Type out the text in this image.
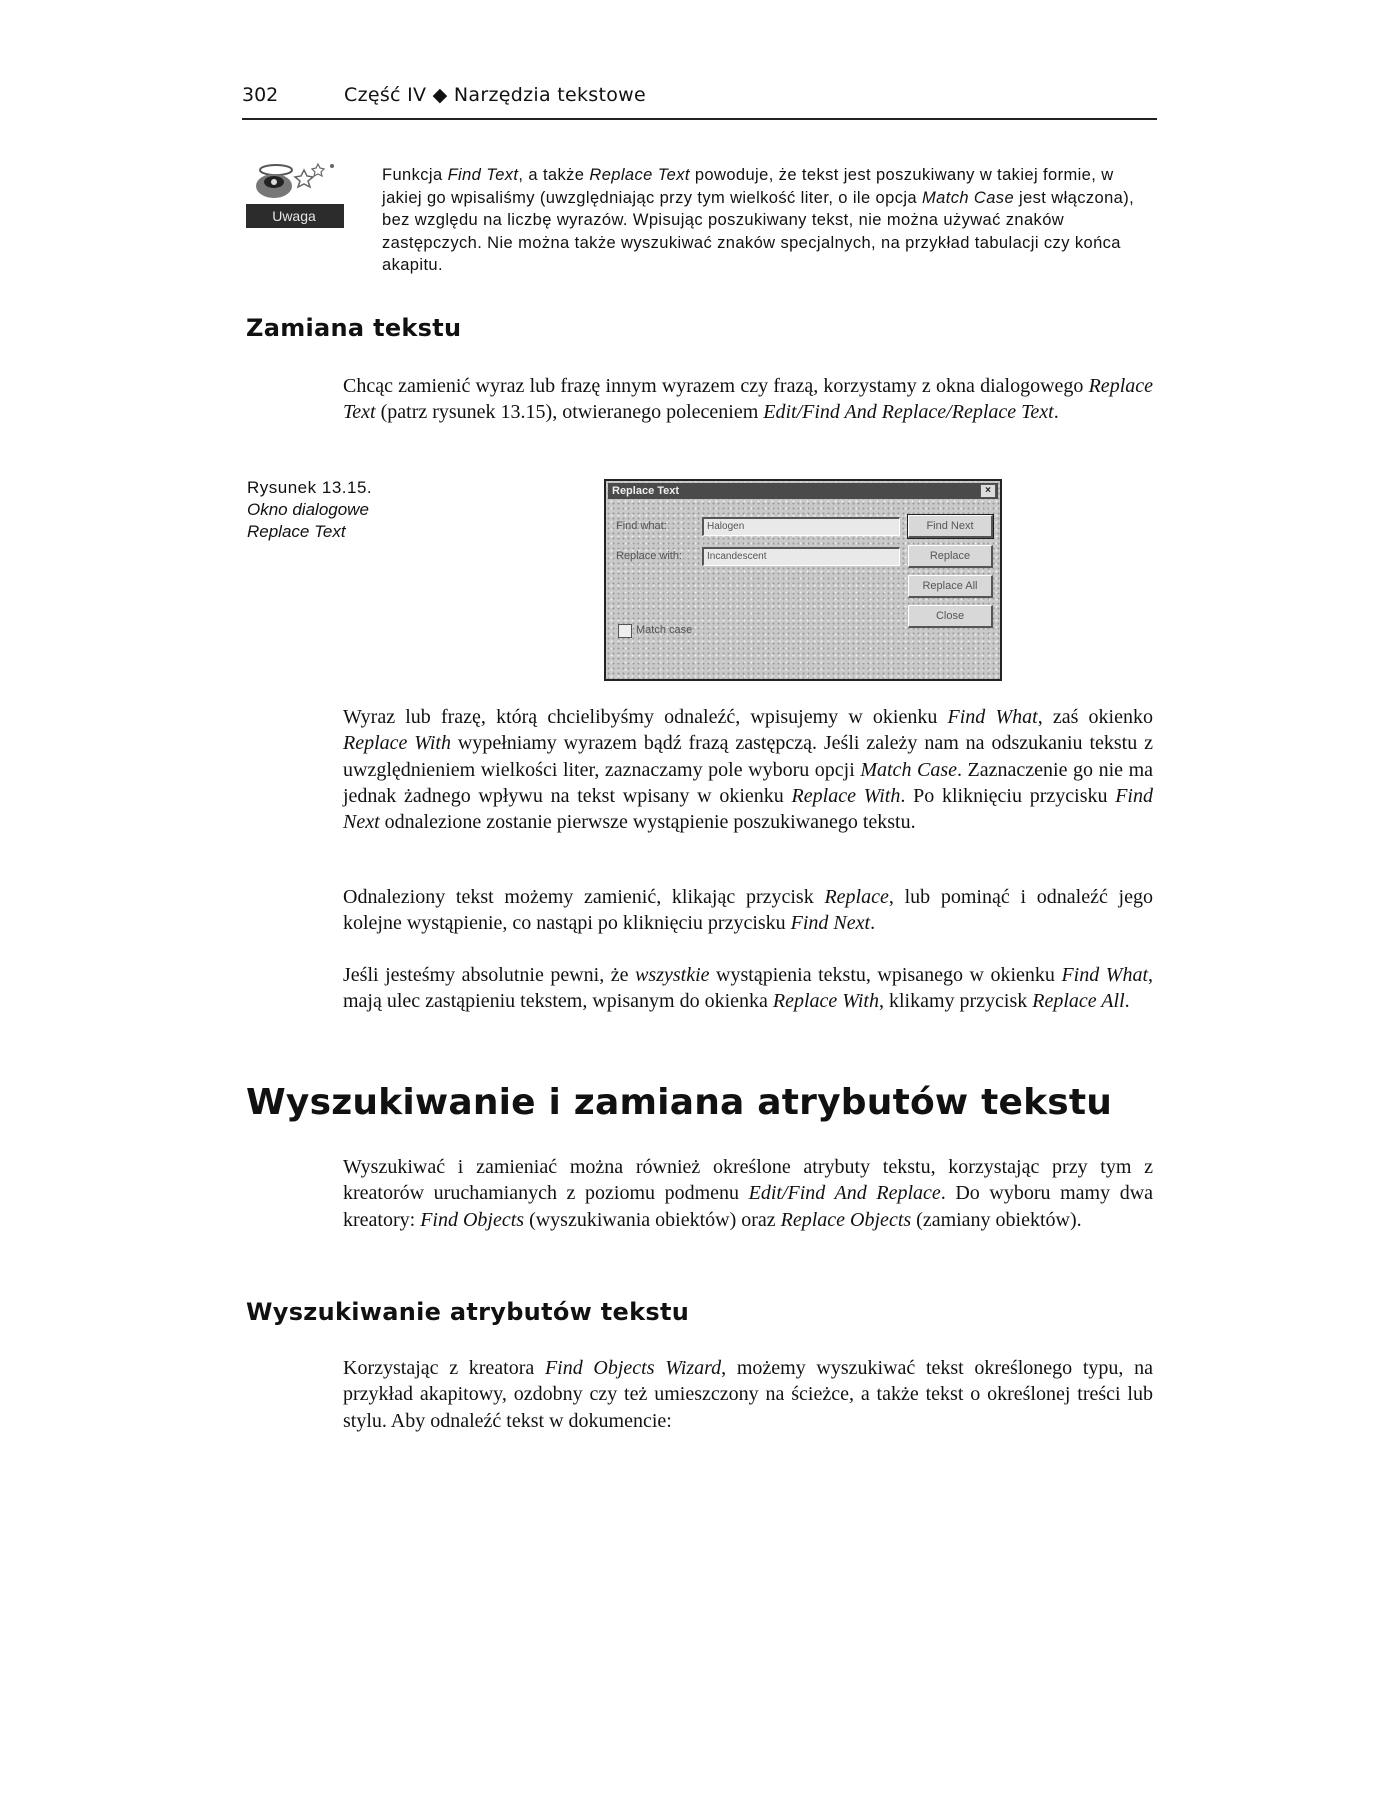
302	Część IV ◆ Narzędzia tekstowe
Uwaga
Funkcja Find Text, a także Replace Text powoduje, że tekst jest poszukiwany w takiej formie, w jakiej go wpisaliśmy (uwzględniając przy tym wielkość liter, o ile opcja Match Case jest włączona), bez względu na liczbę wyrazów. Wpisując poszukiwany tekst, nie można używać znaków zastępczych. Nie można także wyszukiwać znaków specjalnych, na przykład tabulacji czy końca akapitu.
Zamiana tekstu

Chcąc zamienić wyraz lub frazę innym wyrazem czy frazą, korzystamy z okna dialogowego Replace Text (patrz rysunek 13.15), otwieranego poleceniem Edit/Find And Replace/Replace Text.

Rysunek 13.15.
Okno dialogowe
Replace Text
Replace Text	×
Find what:	Halogen
Replace with:	Incandescent
Find Next
Replace
Replace All
Close
Match case

Wyraz lub frazę, którą chcielibyśmy odnaleźć, wpisujemy w okienku Find What, zaś okienko Replace With wypełniamy wyrazem bądź frazą zastępczą. Jeśli zależy nam na odszukaniu tekstu z uwzględnieniem wielkości liter, zaznaczamy pole wyboru opcji Match Case. Zaznaczenie go nie ma jednak żadnego wpływu na tekst wpisany w okienku Replace With. Po kliknięciu przycisku Find Next odnalezione zostanie pierwsze wystąpienie poszukiwanego tekstu.

Odnaleziony tekst możemy zamienić, klikając przycisk Replace, lub pominąć i odnaleźć jego kolejne wystąpienie, co nastąpi po kliknięciu przycisku Find Next.

Jeśli jesteśmy absolutnie pewni, że wszystkie wystąpienia tekstu, wpisanego w okienku Find What, mają ulec zastąpieniu tekstem, wpisanym do okienka Replace With, klikamy przycisk Replace All.

Wyszukiwanie i zamiana atrybutów tekstu

Wyszukiwać i zamieniać można również określone atrybuty tekstu, korzystając przy tym z kreatorów uruchamianych z poziomu podmenu Edit/Find And Replace. Do wyboru mamy dwa kreatory: Find Objects (wyszukiwania obiektów) oraz Replace Objects (zamiany obiektów).

Wyszukiwanie atrybutów tekstu

Korzystając z kreatora Find Objects Wizard, możemy wyszukiwać tekst określonego typu, na przykład akapitowy, ozdobny czy też umieszczony na ścieżce, a także tekst o określonej treści lub stylu. Aby odnaleźć tekst w dokumencie:
